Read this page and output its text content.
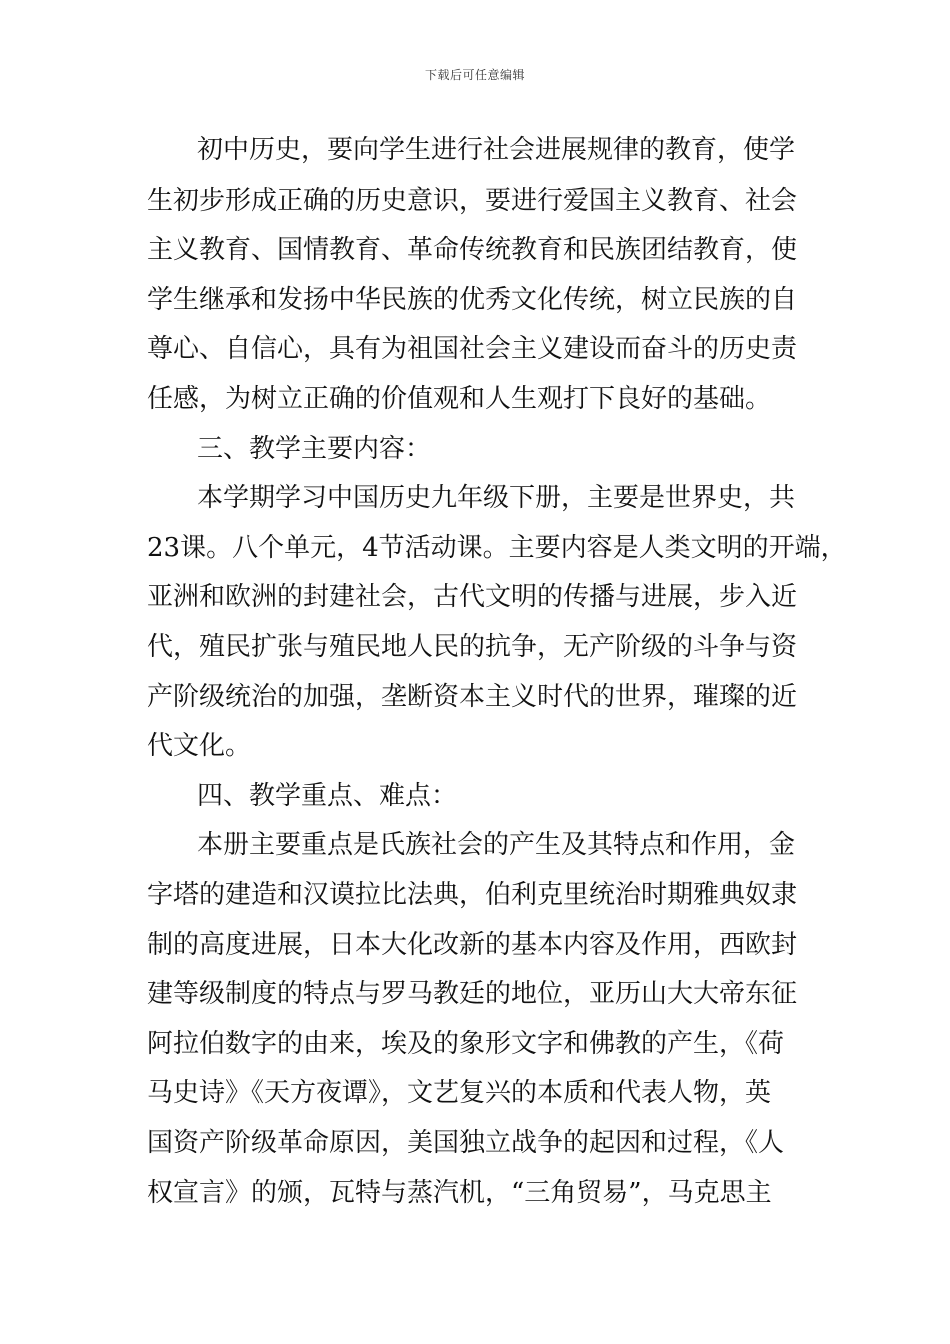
下载后可任意编辑
初中历史，要向学生进行社会进展规律的教育，使学
生初步形成正确的历史意识，要进行爱国主义教育、社会
主义教育、国情教育、革命传统教育和民族团结教育，使
学生继承和发扬中华民族的优秀文化传统，树立民族的自
尊心、自信心，具有为祖国社会主义建设而奋斗的历史责
任感，为树立正确的价值观和人生观打下良好的基础。
三、教学主要内容：
本学期学习中国历史九年级下册，主要是世界史，共
23课。八个单元，4节活动课。主要内容是人类文明的开端，
亚洲和欧洲的封建社会，古代文明的传播与进展，步入近
代，殖民扩张与殖民地人民的抗争，无产阶级的斗争与资
产阶级统治的加强，垄断资本主义时代的世界，璀璨的近
代文化。
四、教学重点、难点：
本册主要重点是氏族社会的产生及其特点和作用，金
字塔的建造和汉谟拉比法典，伯利克里统治时期雅典奴隶
制的高度进展，日本大化改新的基本内容及作用，西欧封
建等级制度的特点与罗马教廷的地位，亚历山大大帝东征
阿拉伯数字的由来，埃及的象形文字和佛教的产生，《荷
马史诗》《天方夜谭》，文艺复兴的本质和代表人物，英
国资产阶级革命原因，美国独立战争的起因和过程，《人
权宣言》的颁，瓦特与蒸汽机，“三角贸易”，马克思主
